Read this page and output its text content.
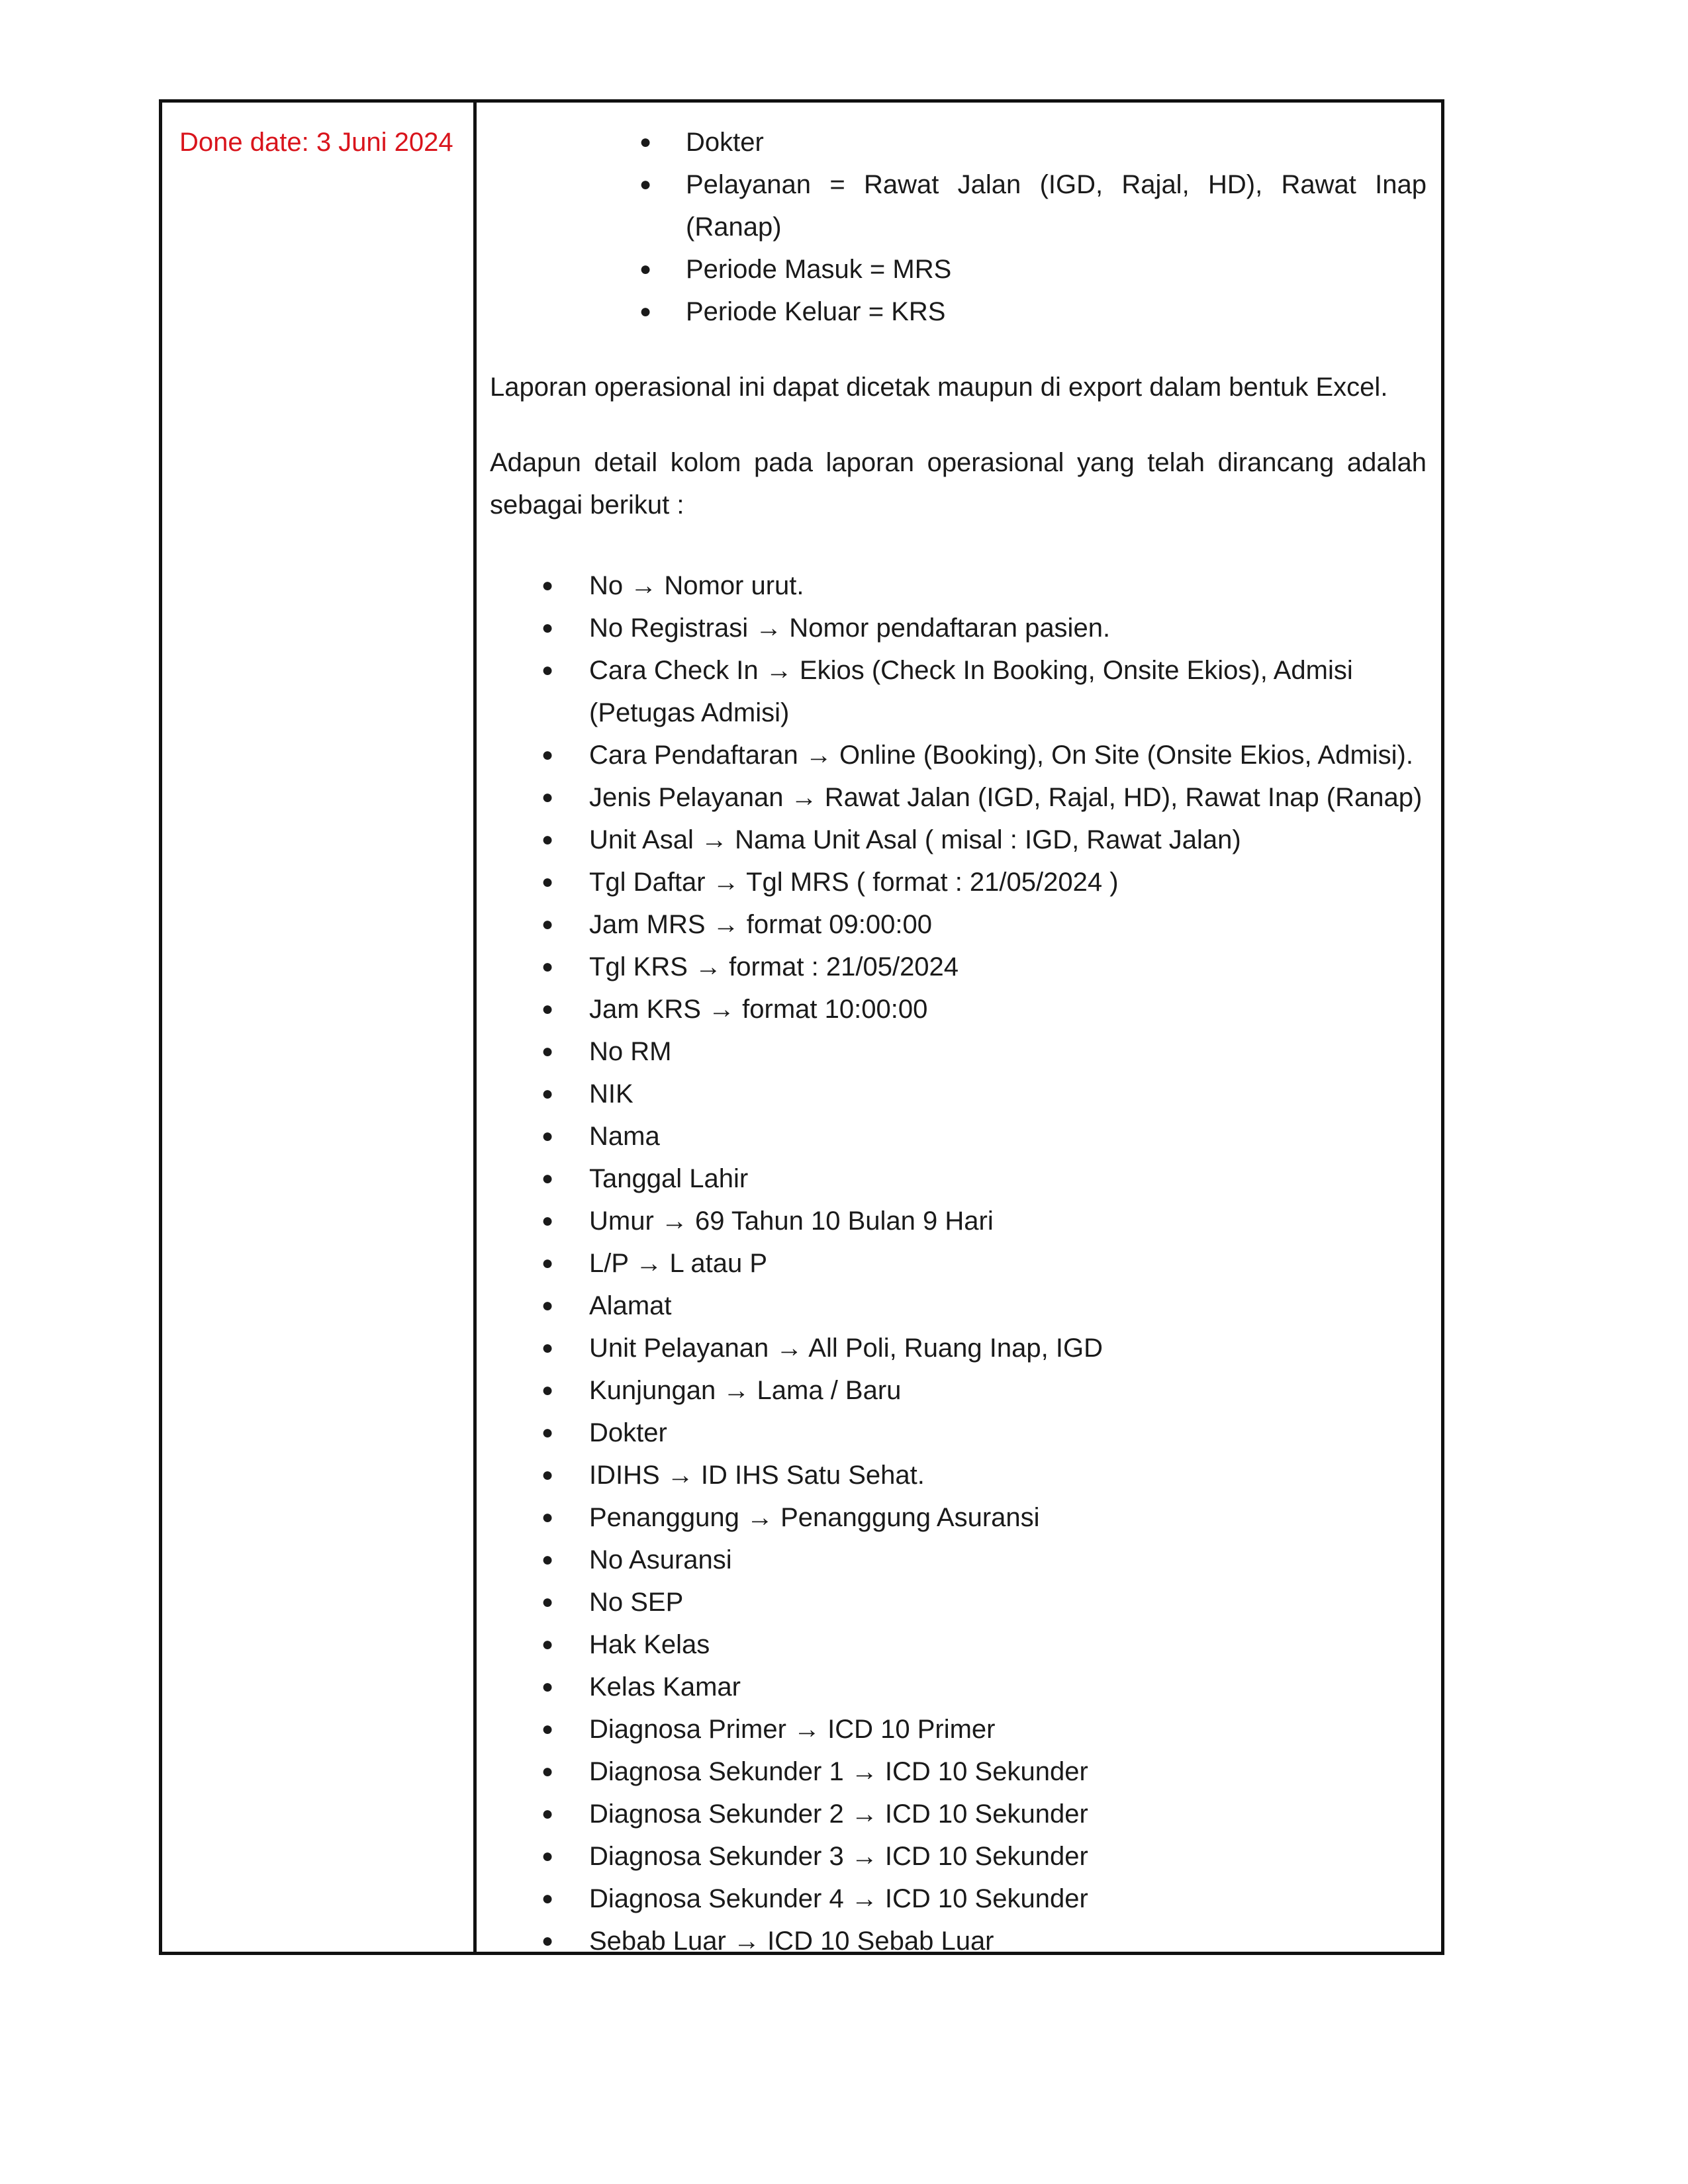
Done date: 3 Juni 2024	● Dokter
● Pelayanan = Rawat Jalan (IGD, Rajal, HD), Rawat Inap (Ranap)
● Periode Masuk = MRS
● Periode Keluar = KRS

Laporan operasional ini dapat dicetak maupun di export dalam bentuk Excel.

Adapun detail kolom pada laporan operasional yang telah dirancang adalah sebagai berikut :

● No → Nomor urut.
● No Registrasi → Nomor pendaftaran pasien.
● Cara Check In → Ekios (Check In Booking, Onsite Ekios), Admisi (Petugas Admisi)
● Cara Pendaftaran → Online (Booking), On Site (Onsite Ekios, Admisi).
● Jenis Pelayanan → Rawat Jalan (IGD, Rajal, HD), Rawat Inap (Ranap)
● Unit Asal → Nama Unit Asal ( misal : IGD, Rawat Jalan)
● Tgl Daftar → Tgl MRS ( format : 21/05/2024 )
● Jam MRS → format 09:00:00
● Tgl KRS → format : 21/05/2024
● Jam KRS → format 10:00:00
● No RM
● NIK
● Nama
● Tanggal Lahir
● Umur → 69 Tahun 10 Bulan 9 Hari
● L/P → L atau P
● Alamat
● Unit Pelayanan → All Poli, Ruang Inap, IGD
● Kunjungan → Lama / Baru
● Dokter
● IDIHS → ID IHS Satu Sehat.
● Penanggung → Penanggung Asuransi
● No Asuransi
● No SEP
● Hak Kelas
● Kelas Kamar
● Diagnosa Primer → ICD 10 Primer
● Diagnosa Sekunder 1 → ICD 10 Sekunder
● Diagnosa Sekunder 2 → ICD 10 Sekunder
● Diagnosa Sekunder 3 → ICD 10 Sekunder
● Diagnosa Sekunder 4 → ICD 10 Sekunder
● Sebab Luar → ICD 10 Sebab Luar
